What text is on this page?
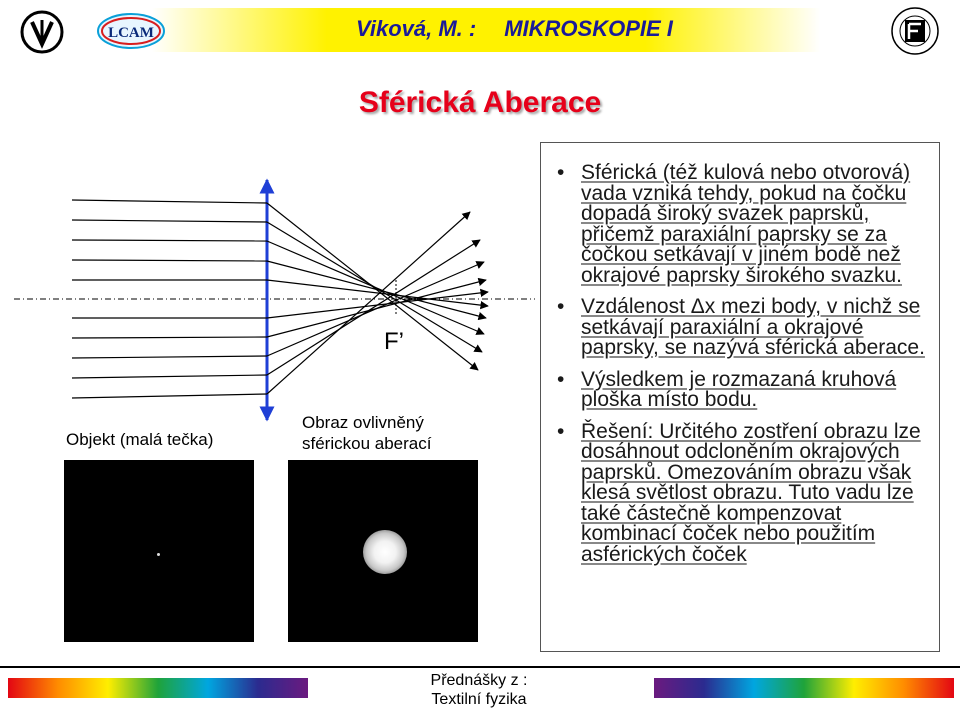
LCAM	Viková, M. : MIKROSKOPIE I
Sférická Aberace
F’
Objekt (malá tečka)
Obraz ovlivněný
sférickou aberací
• Sférická (též kulová nebo otvorová) vada vzniká tehdy, pokud na čočku dopadá široký svazek paprsků, přičemž paraxiální paprsky se za čočkou setkávají v jiném bodě než okrajové paprsky širokého svazku.
• Vzdálenost Δx mezi body, v nichž se setkávají paraxiální a okrajové paprsky, se nazývá sférická aberace.
• Výsledkem je rozmazaná kruhová ploška místo bodu.
• Řešení: Určitého zostření obrazu lze dosáhnout odcloněním okrajových paprsků. Omezováním obrazu však klesá světlost obrazu. Tuto vadu lze také částečně kompenzovat kombinací čoček nebo použitím asférických čoček
Přednášky z :
Textilní fyzika
